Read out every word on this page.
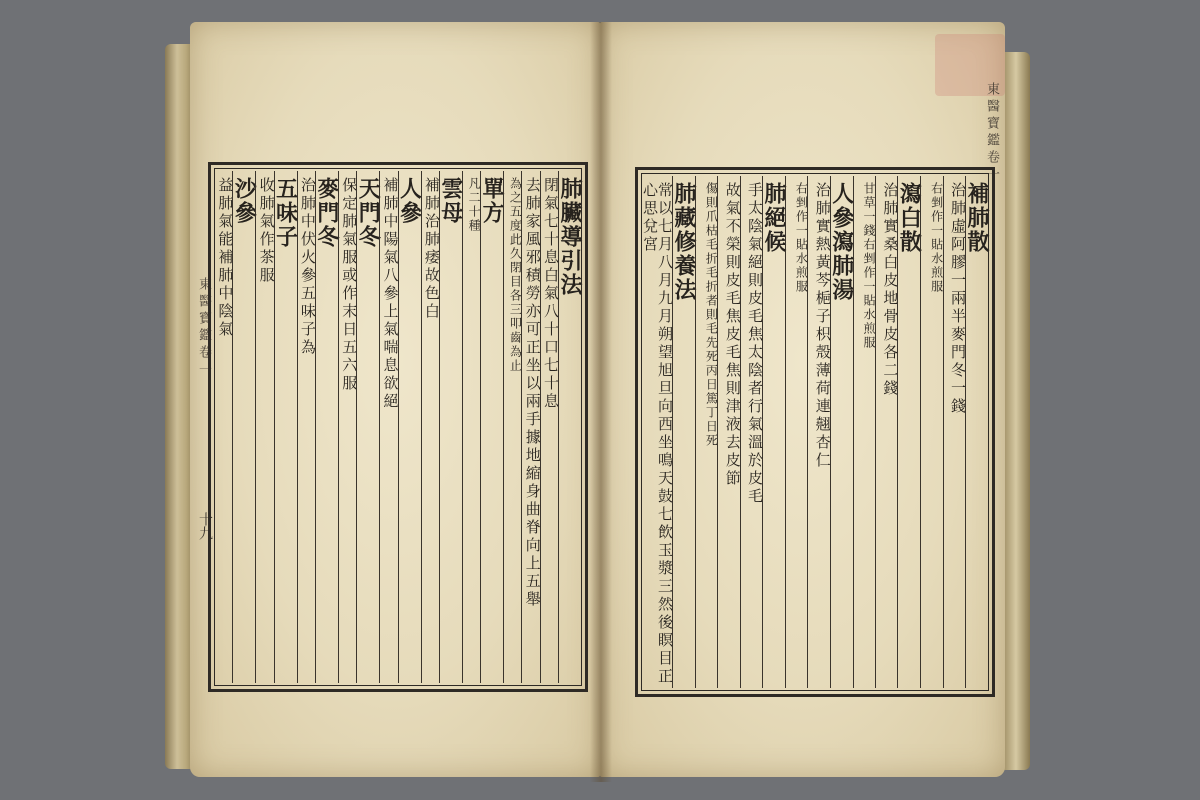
東醫寶鑑卷一
十九
肺臟導引法
閉氣七十息白氣八十口七十息
去肺家風邪積勞亦可正坐以兩手據地縮身曲脊向上五舉
為之五度此久閉目各三叩齒為止
單方
凡二十種
雲母
補肺治肺痿故色白
人參
補肺中陽氣八參上氣喘息欲絕
天門冬
保定肺氣服或作末日五六服
麥門冬
治肺中伏火參五味子為
五味子
收肺氣作茶服
沙參
益肺氣能補肺中陰氣
東醫寶鑑卷一
補肺散
治肺虛阿膠一兩半麥門冬一錢
右剉作一貼水煎服
瀉白散
治肺實桑白皮地骨皮各二錢
甘草一錢右剉作一貼水煎服
人參瀉肺湯
治肺實熱黃芩梔子枳殼薄荷連翹杏仁
右剉作一貼水煎服
肺絕候
手太陰氣絕則皮毛焦太陰者行氣溫於皮毛
故氣不榮則皮毛焦皮毛焦則津液去皮節
傷則爪枯毛折毛折者則毛先死丙日篤丁日死
肺藏修養法
常以七月八月九月朔望旭旦向西坐鳴天鼓七飲玉漿三然後瞑目正心思兌宮
